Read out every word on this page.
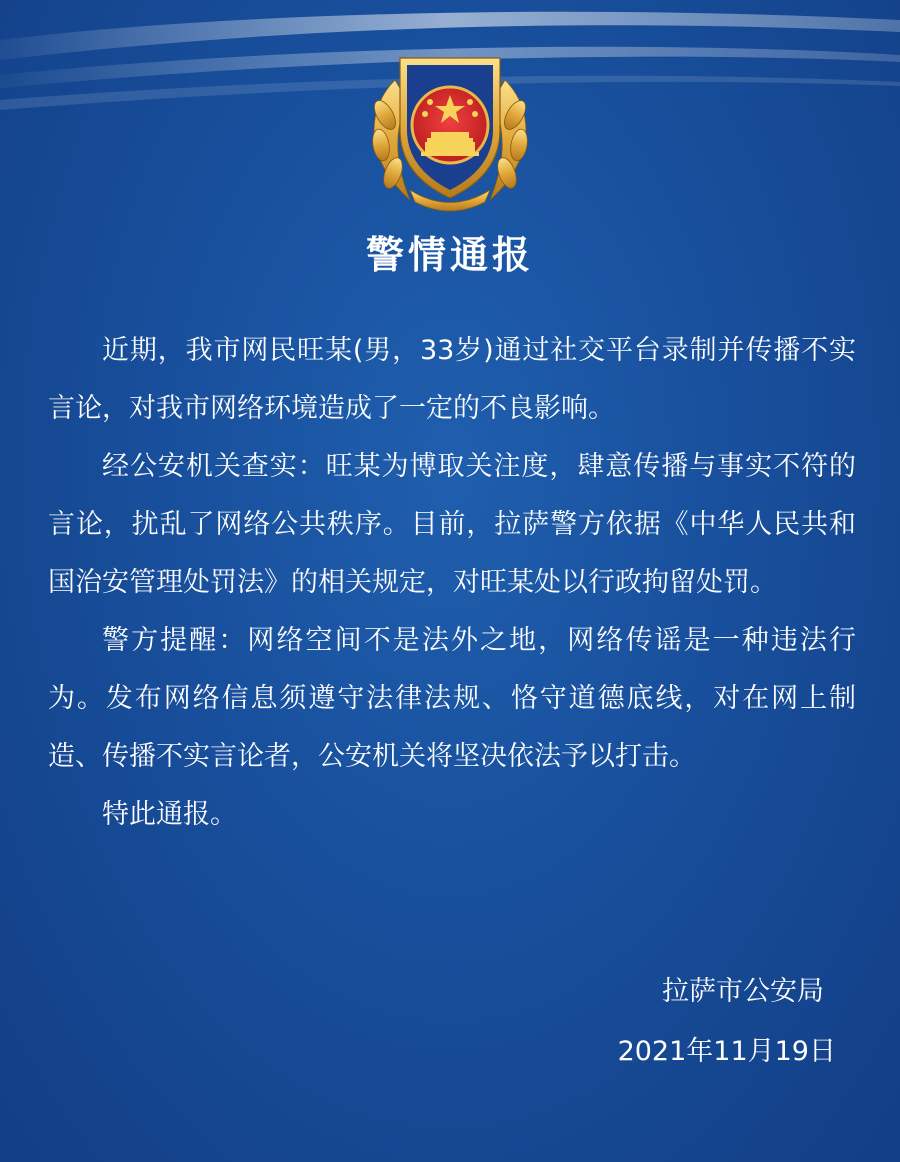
警情通报

近期，我市网民旺某(男，33岁)通过社交平台录制并传播不实言论，对我市网络环境造成了一定的不良影响。

经公安机关查实：旺某为博取关注度，肆意传播与事实不符的言论，扰乱了网络公共秩序。目前，拉萨警方依据《中华人民共和国治安管理处罚法》的相关规定，对旺某处以行政拘留处罚。

警方提醒：网络空间不是法外之地，网络传谣是一种违法行为。发布网络信息须遵守法律法规、恪守道德底线，对在网上制造、传播不实言论者，公安机关将坚决依法予以打击。

特此通报。

拉萨市公安局
2021年11月19日
